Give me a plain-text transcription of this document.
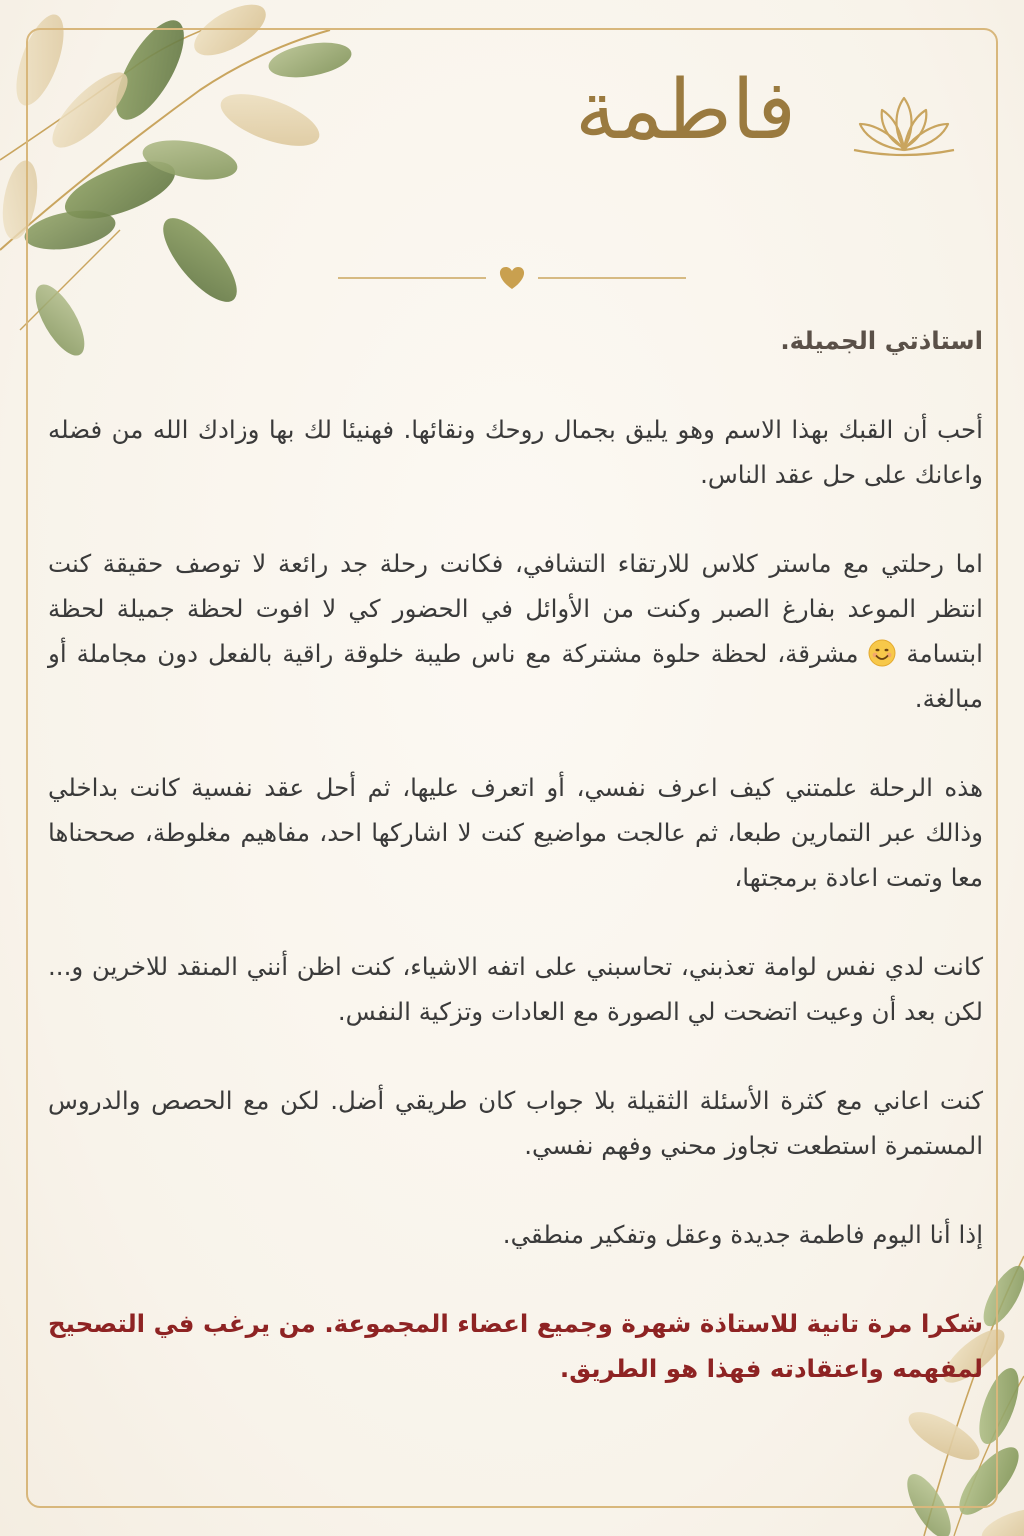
فاطمة

استاذتي الجميلة.

أحب أن القبك بهذا الاسم وهو يليق بجمال روحك ونقائها. فهنيئا لك بها وزادك الله من فضله واعانك على حل عقد الناس.

اما رحلتي مع ماستر كلاس للارتقاء التشافي، فكانت رحلة جد رائعة لا توصف حقيقة كنت انتظر الموعد بفارغ الصبر وكنت من الأوائل في الحضور كي لا افوت لحظة جميلة لحظة ابتسامة  مشرقة، لحظة حلوة مشتركة مع ناس طيبة خلوقة راقية بالفعل دون مجاملة أو مبالغة.

هذه الرحلة علمتني كيف اعرف نفسي، أو اتعرف عليها، ثم أحل عقد نفسية كانت بداخلي وذالك عبر التمارين طبعا، ثم عالجت مواضيع كنت لا اشاركها احد، مفاهيم مغلوطة، صححناها معا وتمت اعادة برمجتها،

كانت لدي نفس لوامة تعذبني، تحاسبني على اتفه الاشياء، كنت اظن أنني المنقد للاخرين و... لكن بعد أن وعيت اتضحت لي الصورة مع العادات وتزكية النفس.

كنت اعاني مع كثرة الأسئلة الثقيلة بلا جواب كان طريقي أضل. لكن مع الحصص والدروس المستمرة استطعت تجاوز محني وفهم نفسي.

إذا أنا اليوم فاطمة جديدة وعقل وتفكير منطقي.

شكرا مرة تانية للاستاذة شهرة وجميع اعضاء المجموعة. من يرغب في التصحيح لمفهمه واعتقادته فهذا هو الطريق.
